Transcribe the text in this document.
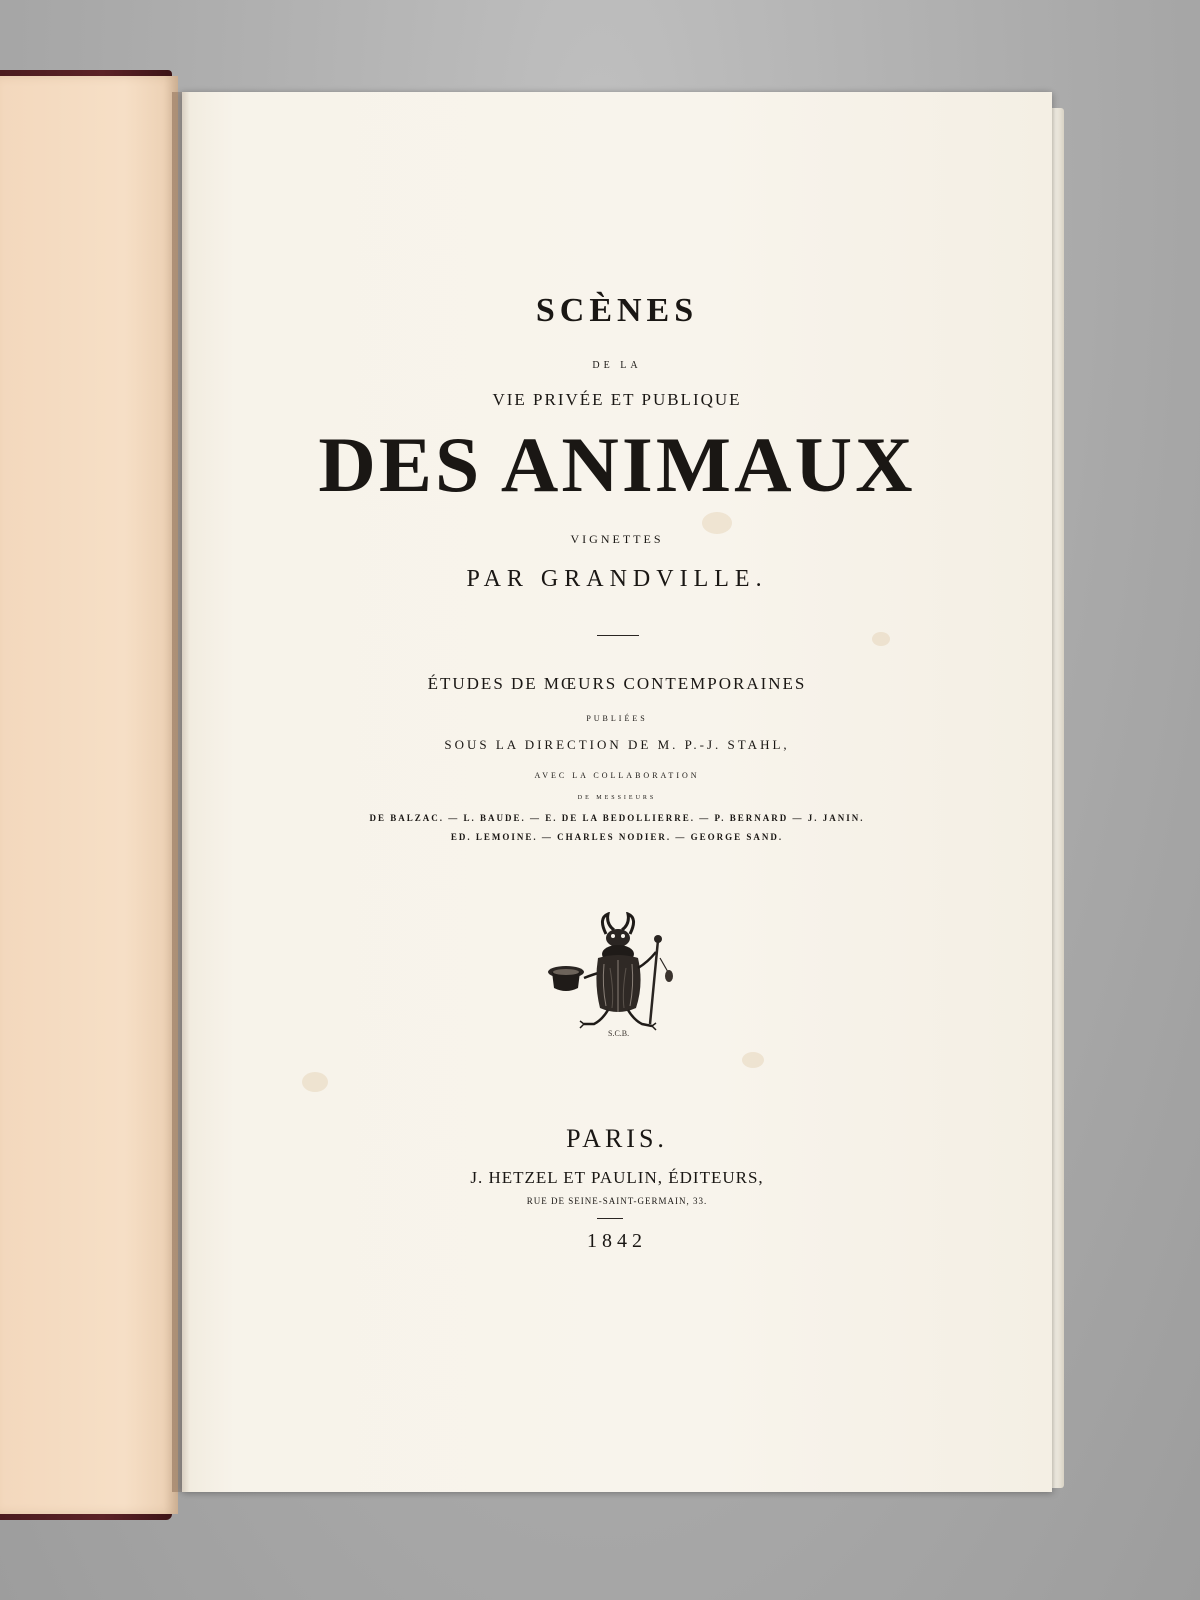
SCÈNES

DE LA

VIE PRIVÉE ET PUBLIQUE

DES ANIMAUX

VIGNETTES

PAR GRANDVILLE.

ÉTUDES DE MŒURS CONTEMPORAINES

PUBLIÉES

SOUS LA DIRECTION DE M. P.-J. STAHL,

AVEC LA COLLABORATION

DE MESSIEURS

DE BALZAC. — L. BAUDE. — E. DE LA BEDOLLIERRE. — P. BERNARD — J. JANIN.

ED. LEMOINE. — CHARLES NODIER. — GEORGE SAND.

S.C.B.

PARIS.

J. HETZEL ET PAULIN, ÉDITEURS,

RUE DE SEINE-SAINT-GERMAIN, 33.

1842
